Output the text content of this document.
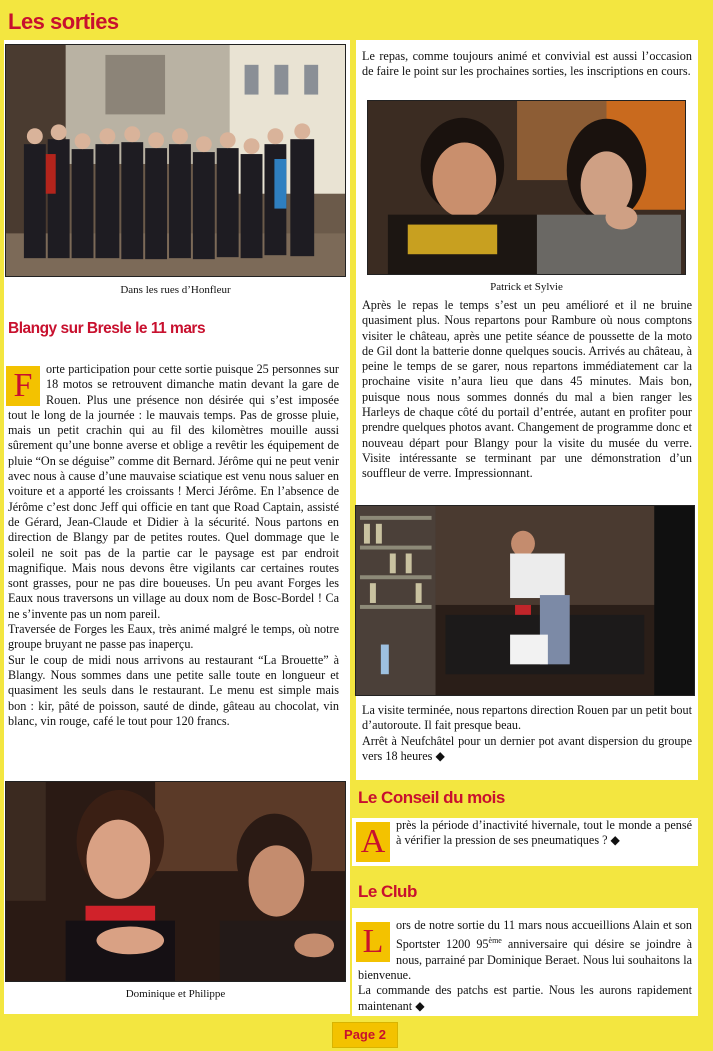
Les sorties
Dans les rues d’Honfleur
Blangy sur Bresle le 11 mars
F	orte participation pour cette sortie puisque 25 personnes sur 18 motos se retrouvent dimanche matin devant la gare de Rouen. Plus une présence non désirée qui s’est imposée tout le long de la journée : le mauvais temps. Pas de grosse pluie, mais un petit crachin qui au fil des kilomètres mouille aussi sûrement qu’une bonne averse et oblige a revêtir les équipement de pluie “On se déguise” comme dit Bernard. Jérôme qui ne peut venir avec nous à cause d’une mauvaise sciatique est venu nous saluer en voiture et a apporté les croissants ! Merci Jérôme. En l’absence de Jérôme c’est donc Jeff qui officie en tant que Road Captain, assisté de Gérard, Jean-Claude et Didier à la sécurité. Nous partons en direction de Blangy par de petites routes. Quel dommage que le soleil ne soit pas de la partie car le paysage est par endroit magnifique. Mais nous devons être vigilants car certaines routes sont grasses, pour ne pas dire boueuses. Un peu avant Forges les Eaux nous traversons un village au doux nom de Bosc-Bordel ! Ca ne s’invente pas un nom pareil.

Traversée de Forges les Eaux, très animé malgré le temps, où notre groupe bruyant ne passe pas inaperçu.

Sur le coup de midi nous arrivons au restaurant “La Brouette” à Blangy. Nous sommes dans une petite salle toute en longueur et quasiment les seuls dans le restaurant. Le menu est simple mais bon : kir, pâté de poisson, sauté de dinde, gâteau au chocolat, vin blanc, vin rouge, café le tout pour 120 francs.

Dominique et Philippe
Le repas, comme toujours animé et convivial est aussi l’occasion de faire le point sur les prochaines sorties, les inscriptions en cours.
Patrick et Sylvie
Après le repas le temps s’est un peu amélioré et il ne bruine quasiment plus. Nous repartons pour Rambure où nous comptons visiter le château, après une petite séance de poussette de la moto de Gil dont la batterie donne quelques soucis. Arrivés au château, à peine le temps de se garer, nous repartons immédiatement car la prochaine visite n’aura lieu que dans 45 minutes. Mais bon, puisque nous nous sommes donnés du mal a bien ranger les Harleys de chaque côté du portail d’entrée, autant en profiter pour prendre quelques photos avant. Changement de programme donc et nouveau départ pour Blangy pour la visite du musée du verre. Visite intéressante se terminant par une démonstration d’un souffleur de verre. Impressionnant.

La visite terminée, nous repartons direction Rouen par un petit bout d’autoroute. Il fait presque beau.

Arrêt à Neufchâtel pour un dernier pot avant dispersion du groupe vers 18 heures ◆

Le Conseil du mois
A près la période d’inactivité hivernale, tout le monde a pensé à vérifier la pression de ses pneumatiques ? ◆
Le Club
L	ors de notre sortie du 11 mars nous accueillions Alain et son Sportster 1200 95ème anniversaire qui désire se joindre à nous, parrainé par Dominique Beraet. Nous lui souhaitons la bienvenue.

La commande des patchs est partie. Nous les aurons rapidement maintenant ◆

Page 2
